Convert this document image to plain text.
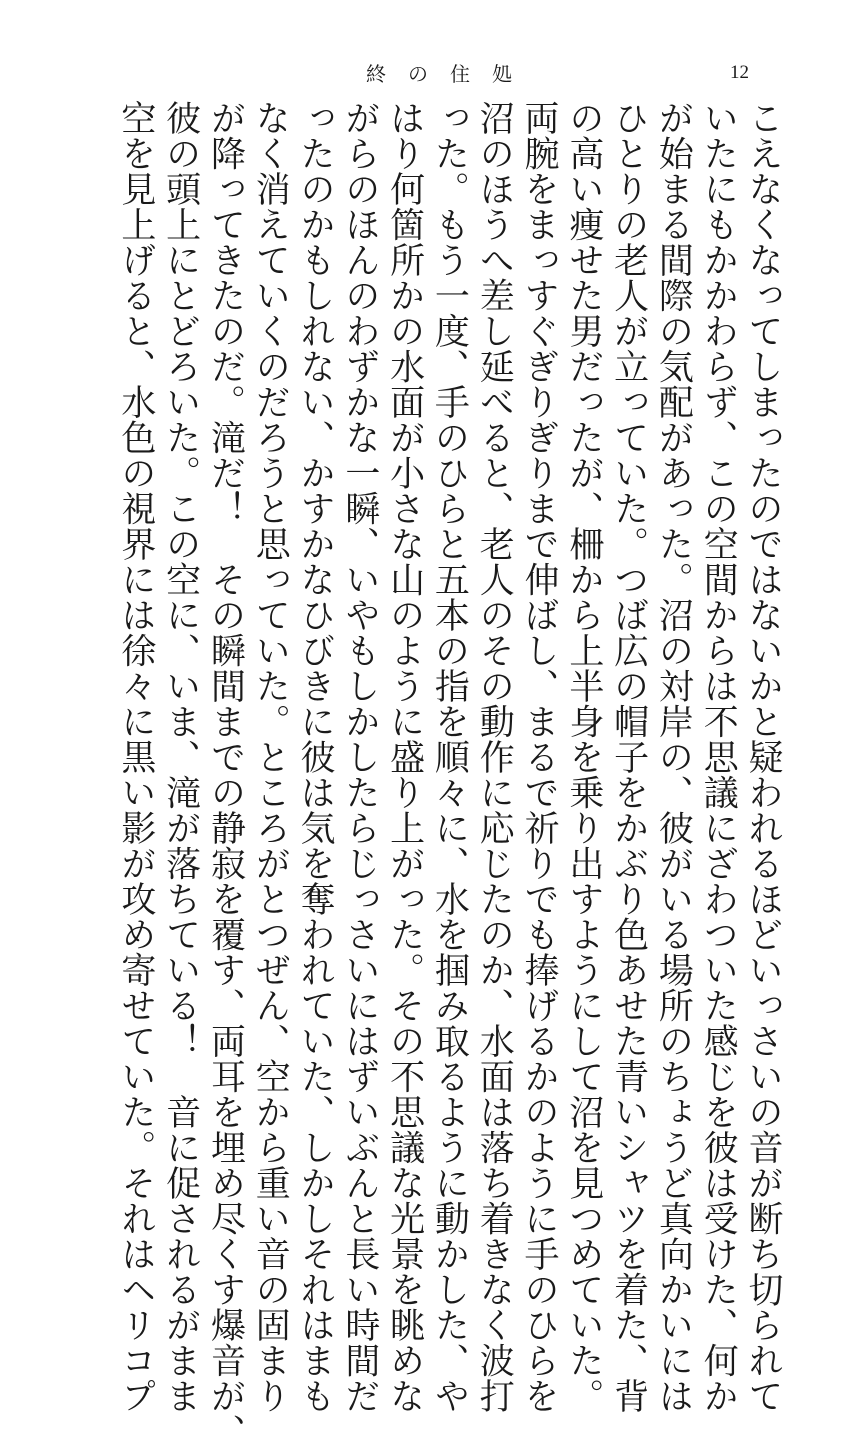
終の住処	12
こえなくなってしまったのではないかと疑われるほどいっさいの音が断ち切られて
いたにもかかわらず、この空間からは不思議にざわついた感じを彼は受けた、何か
が始まる間際の気配があった。沼の対岸の、彼がいる場所のちょうど真向かいには
ひとりの老人が立っていた。つば広の帽子をかぶり色あせた青いシャツを着た、背
の高い痩せた男だったが、柵から上半身を乗り出すようにして沼を見つめていた。
両腕をまっすぐぎりぎりまで伸ばし、まるで祈りでも捧げるかのように手のひらを
沼のほうへ差し延べると、老人のその動作に応じたのか、水面は落ち着きなく波打
った。もう一度、手のひらと五本の指を順々に、水を掴み取るように動かした、や
はり何箇所かの水面が小さな山のように盛り上がった。その不思議な光景を眺めな
がらのほんのわずかな一瞬、いやもしかしたらじっさいにはずいぶんと長い時間だ
ったのかもしれない、かすかなひびきに彼は気を奪われていた、しかしそれはまも
なく消えていくのだろうと思っていた。ところがとつぜん、空から重い音の固まり
が降ってきたのだ。滝だ！　その瞬間までの静寂を覆す、両耳を埋め尽くす爆音が、
彼の頭上にとどろいた。この空に、いま、滝が落ちている！　音に促されるがまま
空を見上げると、水色の視界には徐々に黒い影が攻め寄せていた。それはヘリコプ
